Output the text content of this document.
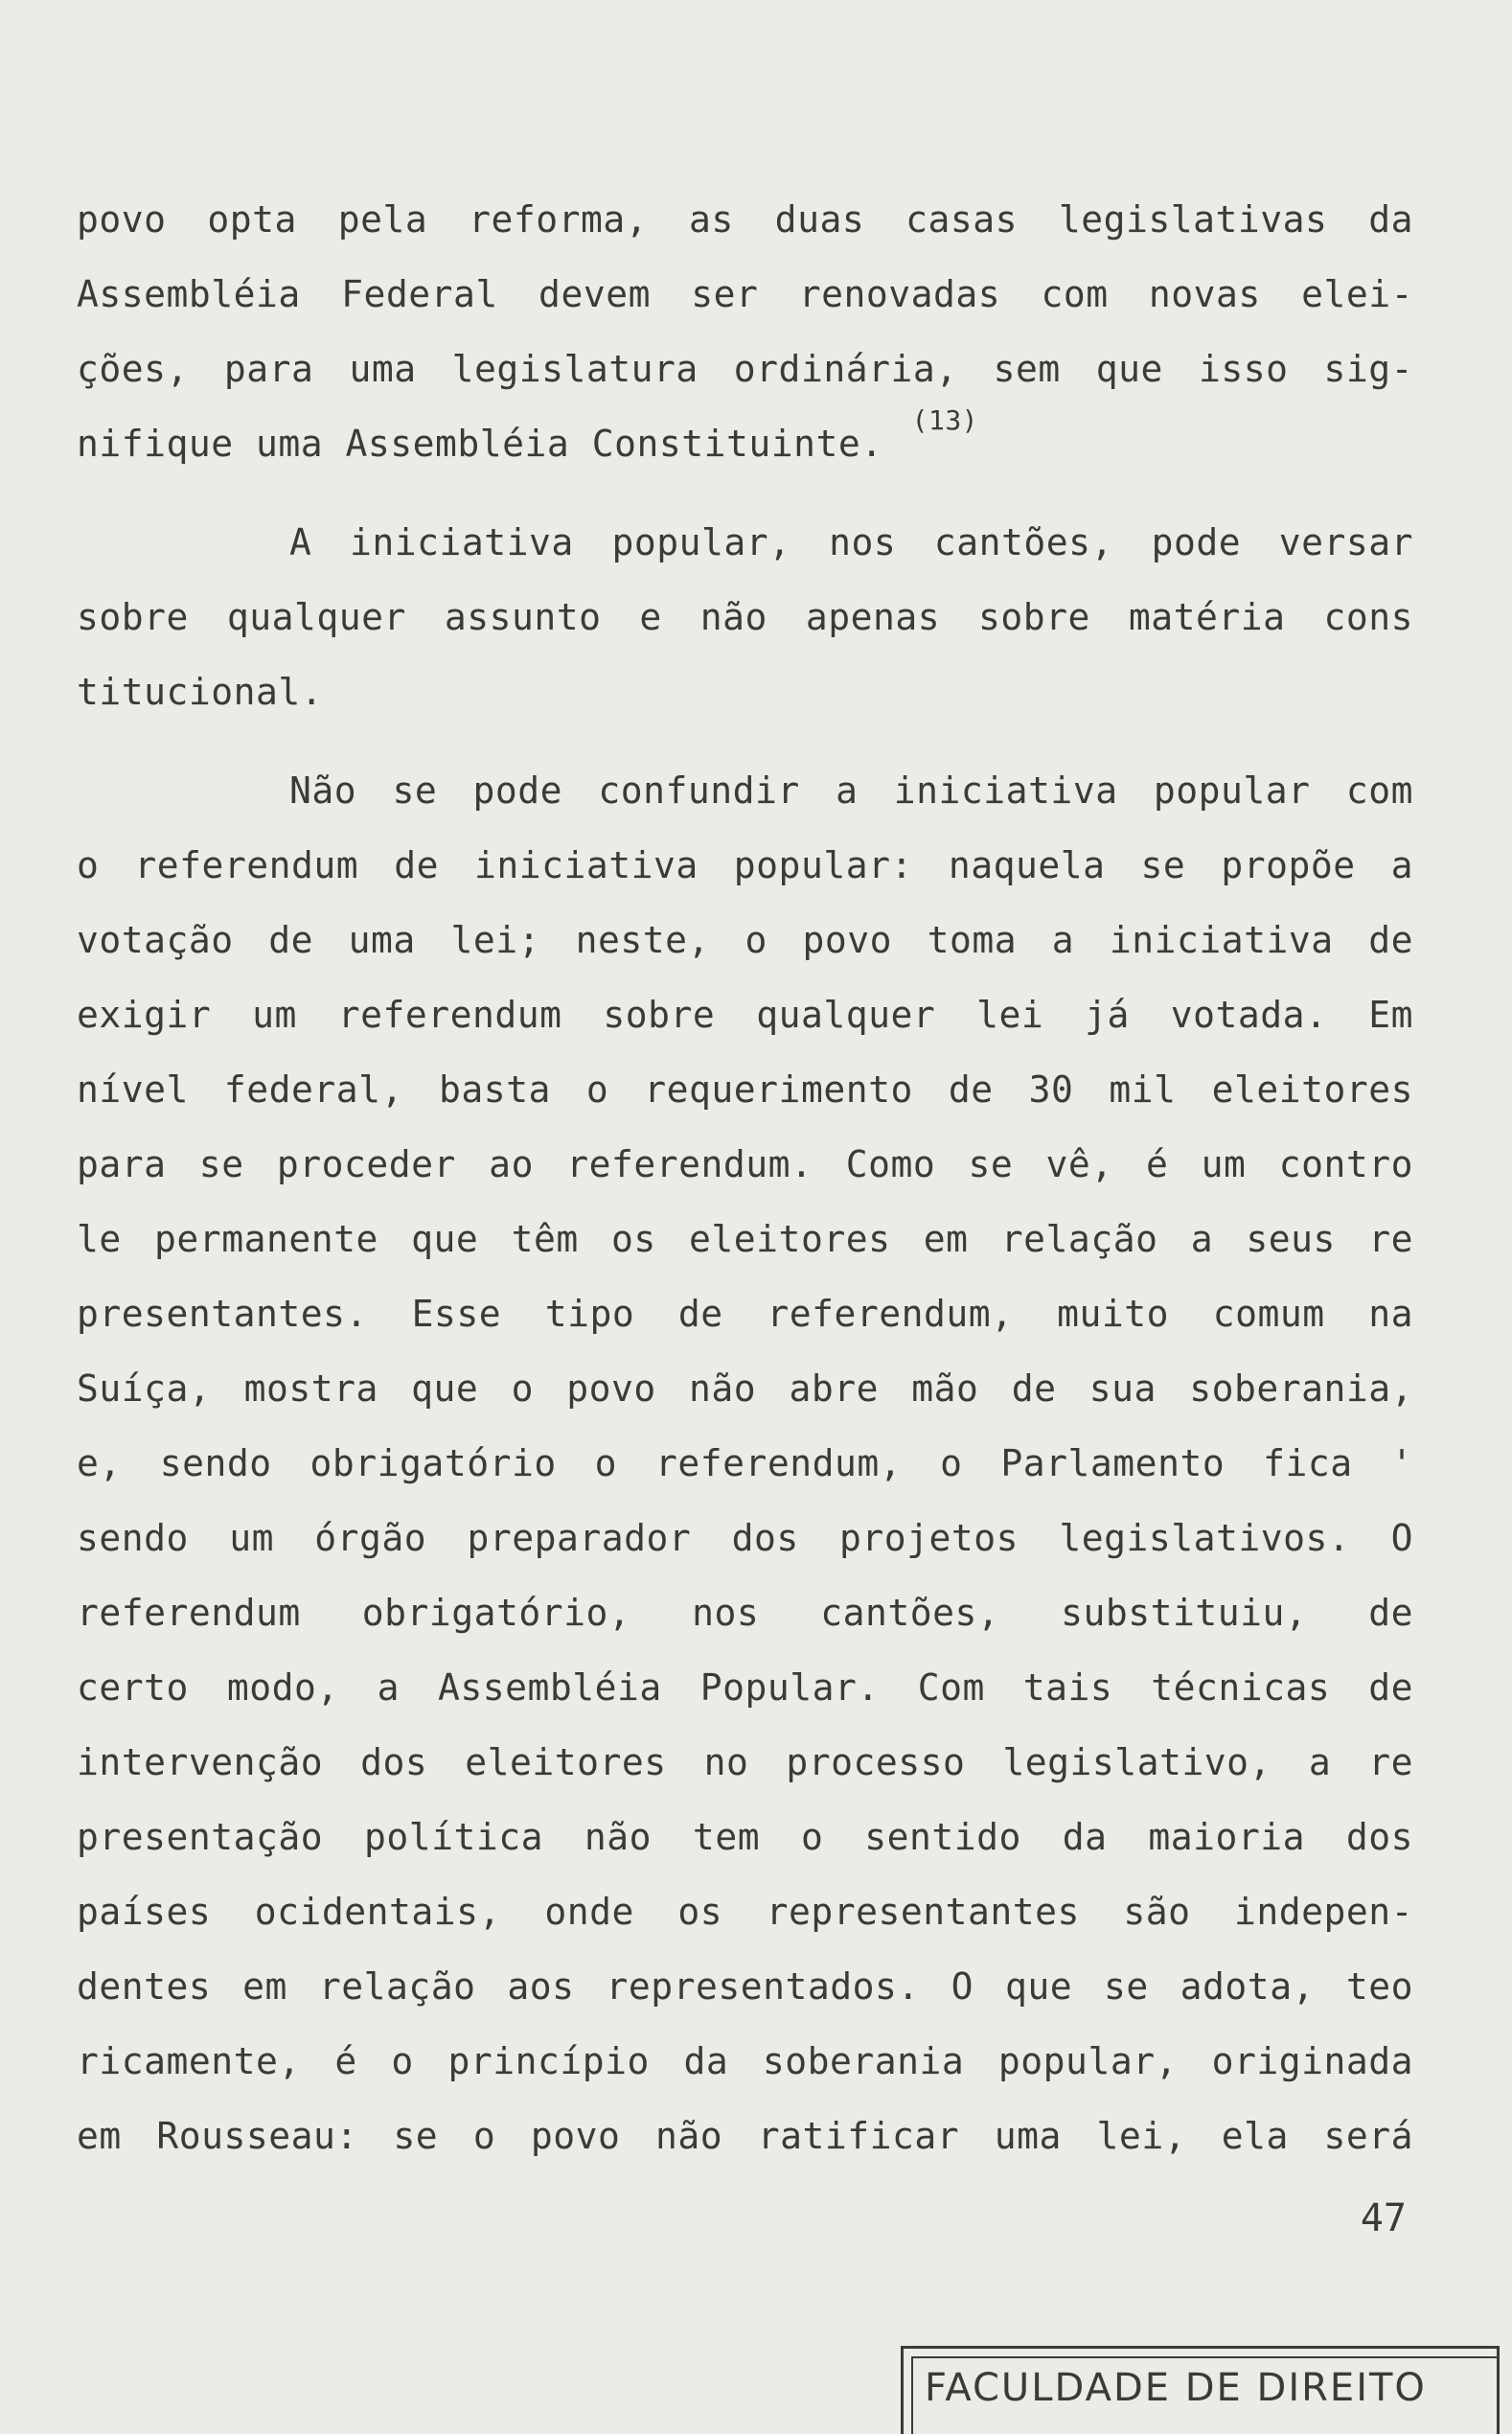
povo opta pela reforma, as duas casas legislativas da
Assembléia Federal devem ser renovadas com novas elei-
ções, para uma legislatura ordinária, sem que isso sig-
nifique uma Assembléia Constituinte.$^{(13)}$
A iniciativa popular, nos cantões, pode versar
sobre qualquer assunto e não apenas sobre matéria cons
titucional.
Não se pode confundir a iniciativa popular com
o referendum de iniciativa popular: naquela se propõe a
votação de uma lei; neste, o povo toma a iniciativa de
exigir um referendum sobre qualquer lei já votada. Em
nível federal, basta o requerimento de 30 mil eleitores
para se proceder ao referendum. Como se vê, é um contro
le permanente que têm os eleitores em relação a seus re
presentantes. Esse tipo de referendum, muito comum na
Suíça, mostra que o povo não abre mão de sua soberania,
e, sendo obrigatório o referendum, o Parlamento fica '
sendo um órgão preparador dos projetos legislativos. O
referendum obrigatório, nos cantões, substituiu, de
certo modo, a Assembléia Popular. Com tais técnicas de
intervenção dos eleitores no processo legislativo, a re
presentação política não tem o sentido da maioria dos
países ocidentais, onde os representantes são indepen-
dentes em relação aos representados. O que se adota, teo
ricamente, é o princípio da soberania popular, originada
em Rousseau: se o povo não ratificar uma lei, ela será
47
FACULDADE DE DIREITO
